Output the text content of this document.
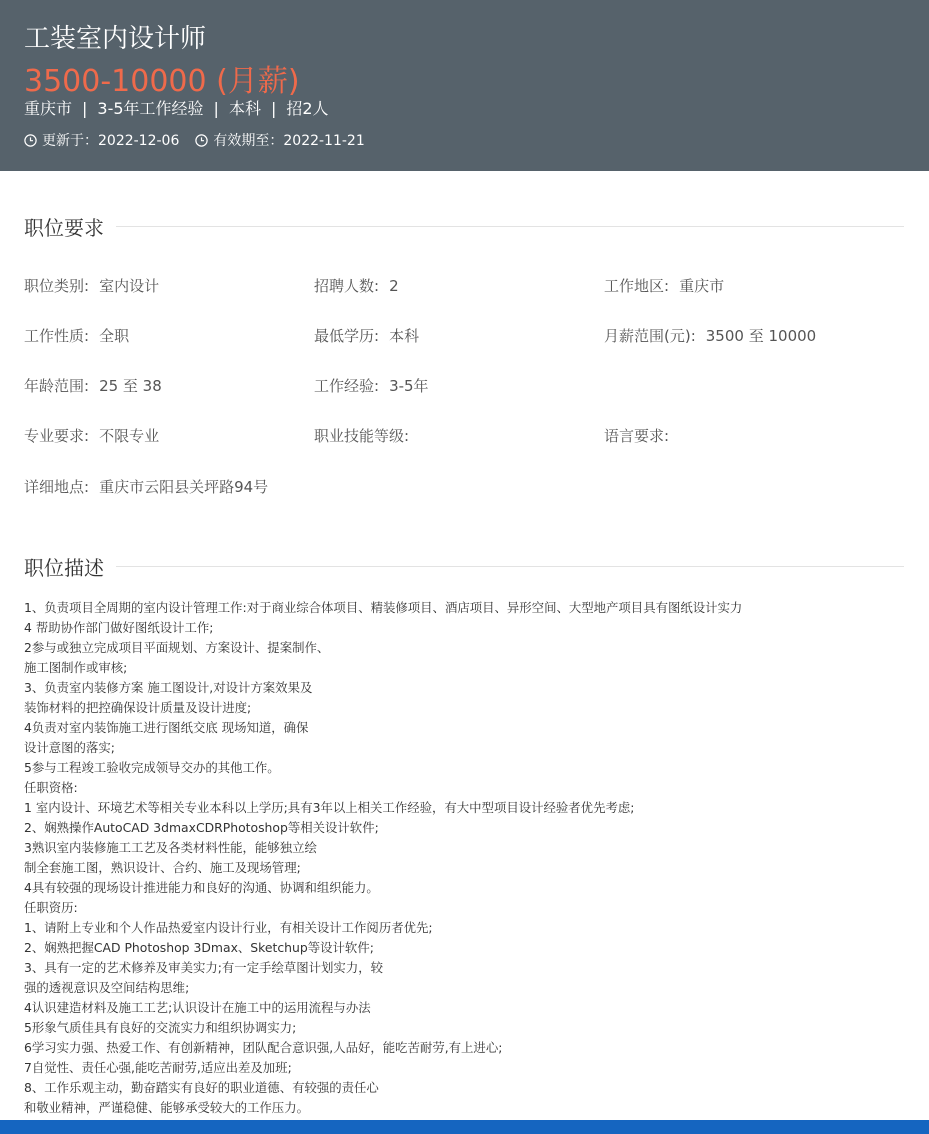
工装室内设计师
3500-10000 (月薪)
重庆市 | 3-5年工作经验 | 本科 | 招2人
更新于：2022-12-06 有效期至：2022-11-21
职位要求
职位类别: 室内设计	招聘人数: 2	工作地区: 重庆市
工作性质: 全职	最低学历: 本科	月薪范围(元): 3500 至 10000
年龄范围: 25 至 38	工作经验: 3-5年
专业要求: 不限专业	职业技能等级:	语言要求:
详细地点: 重庆市云阳县关坪路94号
职位描述
1、负责项目全周期的室内设计管理工作:对于商业综合体项目、精装修项目、酒店项目、异形空间、大型地产项目具有图纸设计实力
4 帮助协作部门做好图纸设计工作;
2参与或独立完成项目平面规划、方案设计、提案制作、
施工图制作或审核;
3、负责室内装修方案 施工图设计,对设计方案效果及
装饰材料的把控确保设计质量及设计进度;
4负责对室内装饰施工进行图纸交底 现场知道，确保
设计意图的落实;
5参与工程竣工验收完成领导交办的其他工作。
任职资格:
1 室内设计、环境艺术等相关专业本科以上学历;具有3年以上相关工作经验，有大中型项目设计经验者优先考虑;
2、娴熟操作AutoCAD 3dmaxCDRPhotoshop等相关设计软件;
3熟识室内装修施工工艺及各类材料性能，能够独立绘
制全套施工图，熟识设计、合约、施工及现场管理;
4具有较强的现场设计推进能力和良好的沟通、协调和组织能力。
任职资历:
1、请附上专业和个人作品热爱室内设计行业，有相关设计工作阅历者优先;
2、娴熟把握CAD Photoshop 3Dmax、Sketchup等设计软件;
3、具有一定的艺术修养及审美实力;有一定手绘草图计划实力，较
强的透视意识及空间结构思维;
4认识建造材料及施工工艺;认识设计在施工中的运用流程与办法
5形象气质佳具有良好的交流实力和组织协调实力;
6学习实力强、热爱工作、有创新精神，团队配合意识强,人品好，能吃苦耐劳,有上进心;
7自觉性、责任心强,能吃苦耐劳,适应出差及加班;
8、工作乐观主动，勤奋踏实有良好的职业道德、有较强的责任心
和敬业精神，严谨稳健、能够承受较大的工作压力。
